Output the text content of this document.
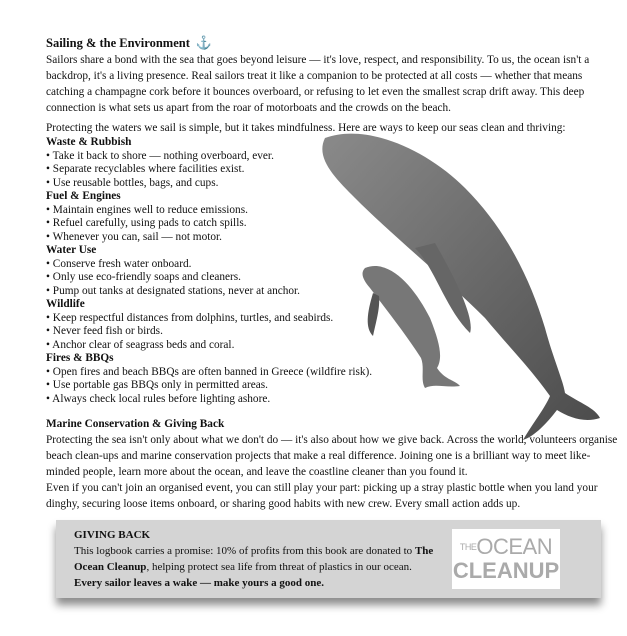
Sailing & the Environment ⚓

Sailors share a bond with the sea that goes beyond leisure — it's love, respect, and responsibility. To us, the ocean isn't a backdrop, it's a living presence. Real sailors treat it like a companion to be protected at all costs — whether that means catching a champagne cork before it bounces overboard, or refusing to let even the smallest scrap drift away. This deep connection is what sets us apart from the roar of motorboats and the crowds on the beach.

Protecting the waters we sail is simple, but it takes mindfulness. Here are ways to keep our seas clean and thriving:

Waste & Rubbish
• Take it back to shore — nothing overboard, ever.
• Separate recyclables where facilities exist.
• Use reusable bottles, bags, and cups.
Fuel & Engines
• Maintain engines well to reduce emissions.
• Refuel carefully, using pads to catch spills.
• Whenever you can, sail — not motor.
Water Use
• Conserve fresh water onboard.
• Only use eco-friendly soaps and cleaners.
• Pump out tanks at designated stations, never at anchor.
Wildlife
• Keep respectful distances from dolphins, turtles, and seabirds.
• Never feed fish or birds.
• Anchor clear of seagrass beds and coral.
Fires & BBQs
• Open fires and beach BBQs are often banned in Greece (wildfire risk).
• Use portable gas BBQs only in permitted areas.
• Always check local rules before lighting ashore.
Marine Conservation & Giving Back

Protecting the sea isn't only about what we don't do — it's also about how we give back. Across the world, volunteers organise beach clean-ups and marine conservation projects that make a real difference. Joining one is a brilliant way to meet like-minded people, learn more about the ocean, and leave the coastline cleaner than you found it.

Even if you can't join an organised event, you can still play your part: picking up a stray plastic bottle when you land your dinghy, securing loose items onboard, or sharing good habits with new crew. Every small action adds up.

GIVING BACK
This logbook carries a promise: 10% of profits from this book are donated to The Ocean Cleanup, helping protect sea life from threat of plastics in our ocean.
Every sailor leaves a wake — make yours a good one.
$^{THE}$OCEAN
CLEANUP
